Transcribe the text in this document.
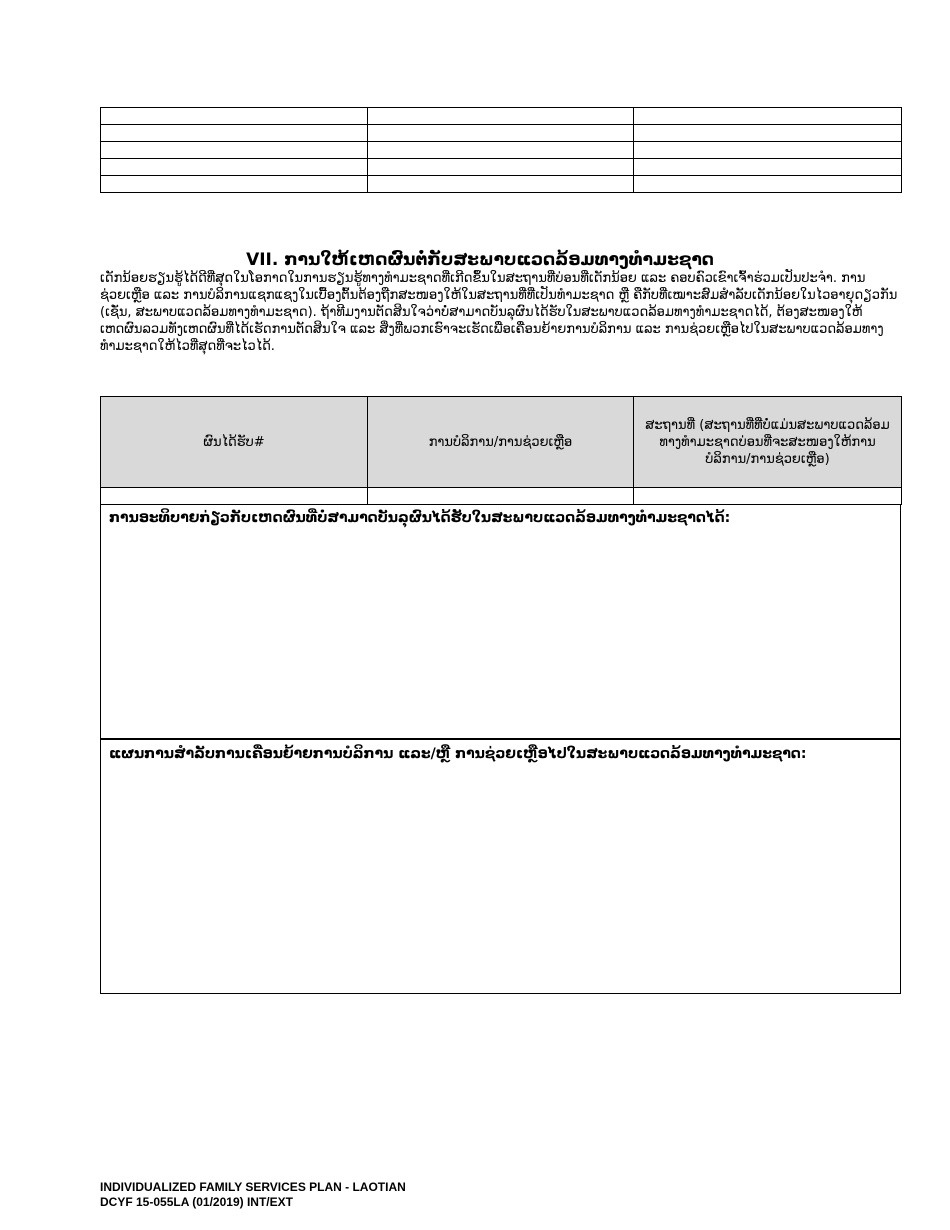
VII. ການໃຫ້ເຫດຜົນຕໍ່ກັບສະພາບແວດລ້ອມທາງທໍາມະຊາດ
ເດັກນ້ອຍຮຽນຮູ້ໄດ້ດີທີ່ສຸດໃນໂອກາດໃນການຮຽນຮູ້ທາງທໍາມະຊາດທີ່ເກີດຂຶ້ນໃນສະຖານທີ່ບ່ອນທີ່ເດັກນ້ອຍ ແລະ ຄອບຄົວເຂົາເຈົ້າຮ່ວມເປັນປະຈໍາ. ການຊ່ວຍເຫຼືອ ແລະ ການບໍລິການແຊກແຊງໃນເບື້ອງຕົ້ນຕ້ອງຖືກສະໜອງໃຫ້ໃນສະຖານທີ່ທີ່ເປັນທໍາມະຊາດ ຫຼື ຄືກັບທີ່ເໝາະສົມສໍາລັບເດັກນ້ອຍໃນໄວອາຍຸດຽວກັນ (ເຊັ່ນ, ສະພາບແວດລ້ອມທາງທໍາມະຊາດ). ຖ້າທີມງານຕັດສິນໃຈວ່າບໍ່ສາມາດບັນລຸຜົນໄດ້ຮັບໃນສະພາບແວດລ້ອມທາງທໍາມະຊາດໄດ້, ຕ້ອງສະໜອງໃຫ້ເຫດຜົນລວມທັງເຫດຜົນທີ່ໄດ້ເຮັດການຕັດສິນໃຈ ແລະ ສິ່ງທີ່ພວກເຮົາຈະເຮັດເພື່ອເຄື່ອນຍ້າຍການບໍລິການ ແລະ ການຊ່ວຍເຫຼືອໄປໃນສະພາບແວດລ້ອມທາງທໍາມະຊາດໃຫ້ໄວທີ່ສຸດທີ່ຈະໄວໄດ້.
ຜົນໄດ້ຮັບ#	ການບໍລິການ/ການຊ່ວຍເຫຼືອ	ສະຖານທີ່ (ສະຖານທີ່ທີ່ບໍ່ແມ່ນສະພາບແວດລ້ອມທາງທໍາມະຊາດບ່ອນທີ່ຈະສະໜອງໃຫ້ການບໍລິການ/ການຊ່ວຍເຫຼືອ)

ການອະທິບາຍກ່ຽວກັບເຫດຜົນທີ່ບໍ່ສາມາດບັນລຸຜົນໄດ້ຮັບໃນສະພາບແວດລ້ອມທາງທໍາມະຊາດໄດ້:
ແຜນການສໍາລັບການເຄື່ອນຍ້າຍການບໍລິການ ແລະ/ຫຼື ການຊ່ວຍເຫຼືອໄປໃນສະພາບແວດລ້ອມທາງທໍາມະຊາດ:
INDIVIDUALIZED FAMILY SERVICES PLAN - LAOTIAN
DCYF 15-055LA (01/2019) INT/EXT
